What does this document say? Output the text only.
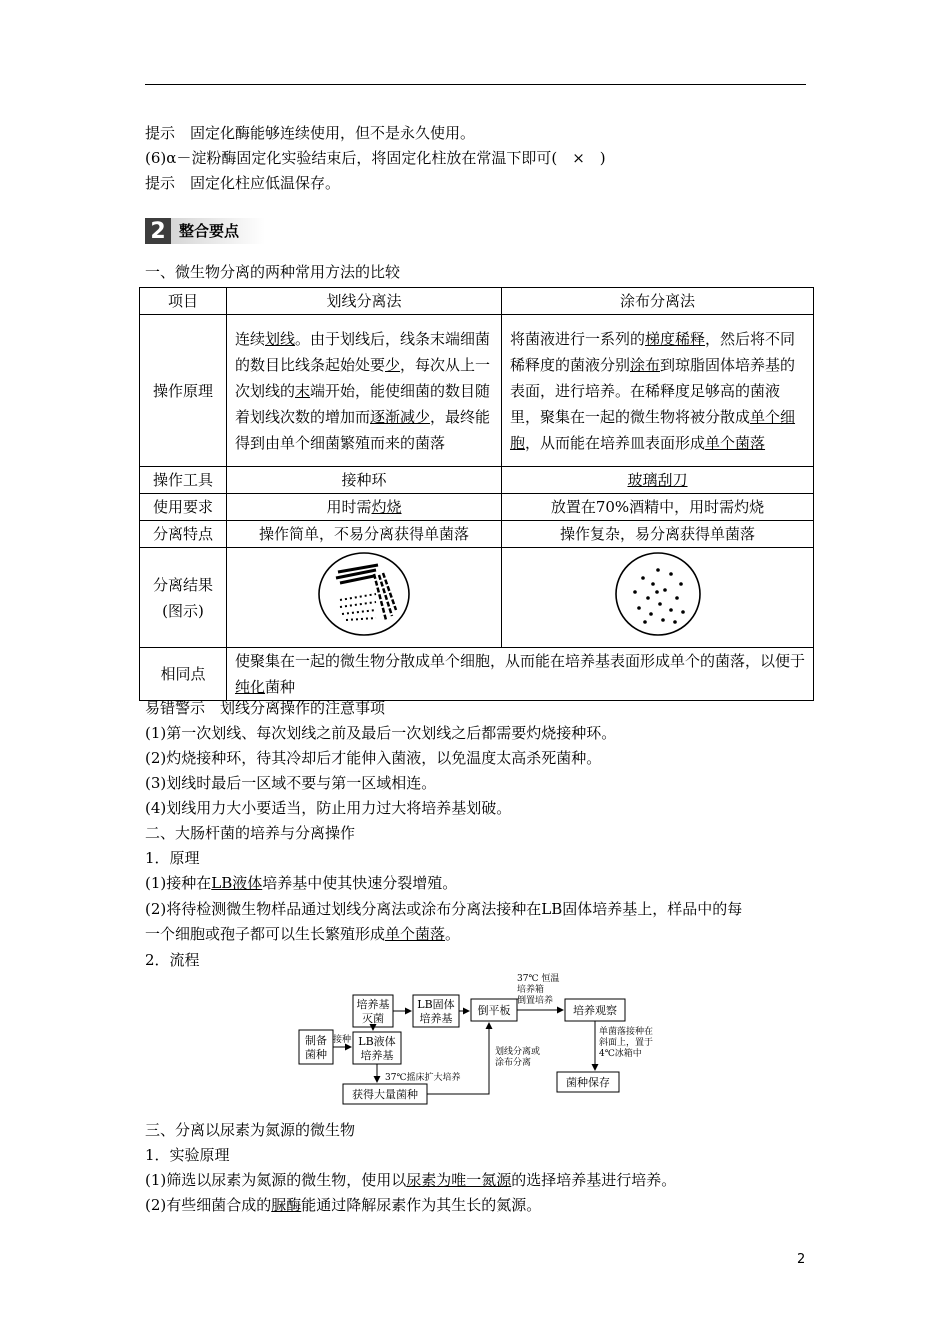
提示　固定化酶能够连续使用，但不是永久使用。
(6)α－淀粉酶固定化实验结束后，将固定化柱放在常温下即可(　×　)
提示　固定化柱应低温保存。
2 整合要点
一、微生物分离的两种常用方法的比较
项目	划线分离法	涂布分离法
操作原理	连续划线。由于划线后，线条末端细菌的数目比线条起始处要少，每次从上一次划线的末端开始，能使细菌的数目随着划线次数的增加而逐渐减少，最终能得到由单个细菌繁殖而来的菌落	将菌液进行一系列的梯度稀释，然后将不同稀释度的菌液分别涂布到琼脂固体培养基的表面，进行培养。在稀释度足够高的菌液里，聚集在一起的微生物将被分散成单个细胞，从而能在培养皿表面形成单个菌落
操作工具	接种环	玻璃刮刀
使用要求	用时需灼烧	放置在70%酒精中，用时需灼烧
分离特点	操作简单，不易分离获得单菌落	操作复杂，易分离获得单菌落

分离结果
(图示)

相同点	使聚集在一起的微生物分散成单个细胞，从而能在培养基表面形成单个的菌落，以便于纯化菌种	
易错警示　划线分离操作的注意事项
(1)第一次划线、每次划线之前及最后一次划线之后都需要灼烧接种环。
(2)灼烧接种环，待其冷却后才能伸入菌液，以免温度太高杀死菌种。
(3)划线时最后一区域不要与第一区域相连。
(4)划线用力大小要适当，防止用力过大将培养基划破。
二、大肠杆菌的培养与分离操作
1．原理
(1)接种在LB液体培养基中使其快速分裂增殖。
(2)将待检测微生物样品通过划线分离法或涂布分离法接种在LB固体培养基上，样品中的每
一个细胞或孢子都可以生长繁殖形成单个菌落。
2．流程
培养基
灭菌
LB固体
培养基
倒平板	培养观察
制备
菌种
接种 LB液体
培养基
获得大量菌种
菌种保存
37℃ 恒温
培养箱
倒置培养
37℃摇床扩大培养
划线分离或
涂布分离
单菌落接种在
斜面上，置于
4℃冰箱中
三、分离以尿素为氮源的微生物
1．实验原理
(1)筛选以尿素为氮源的微生物，使用以尿素为唯一氮源的选择培养基进行培养。
(2)有些细菌合成的脲酶能通过降解尿素作为其生长的氮源。
2
